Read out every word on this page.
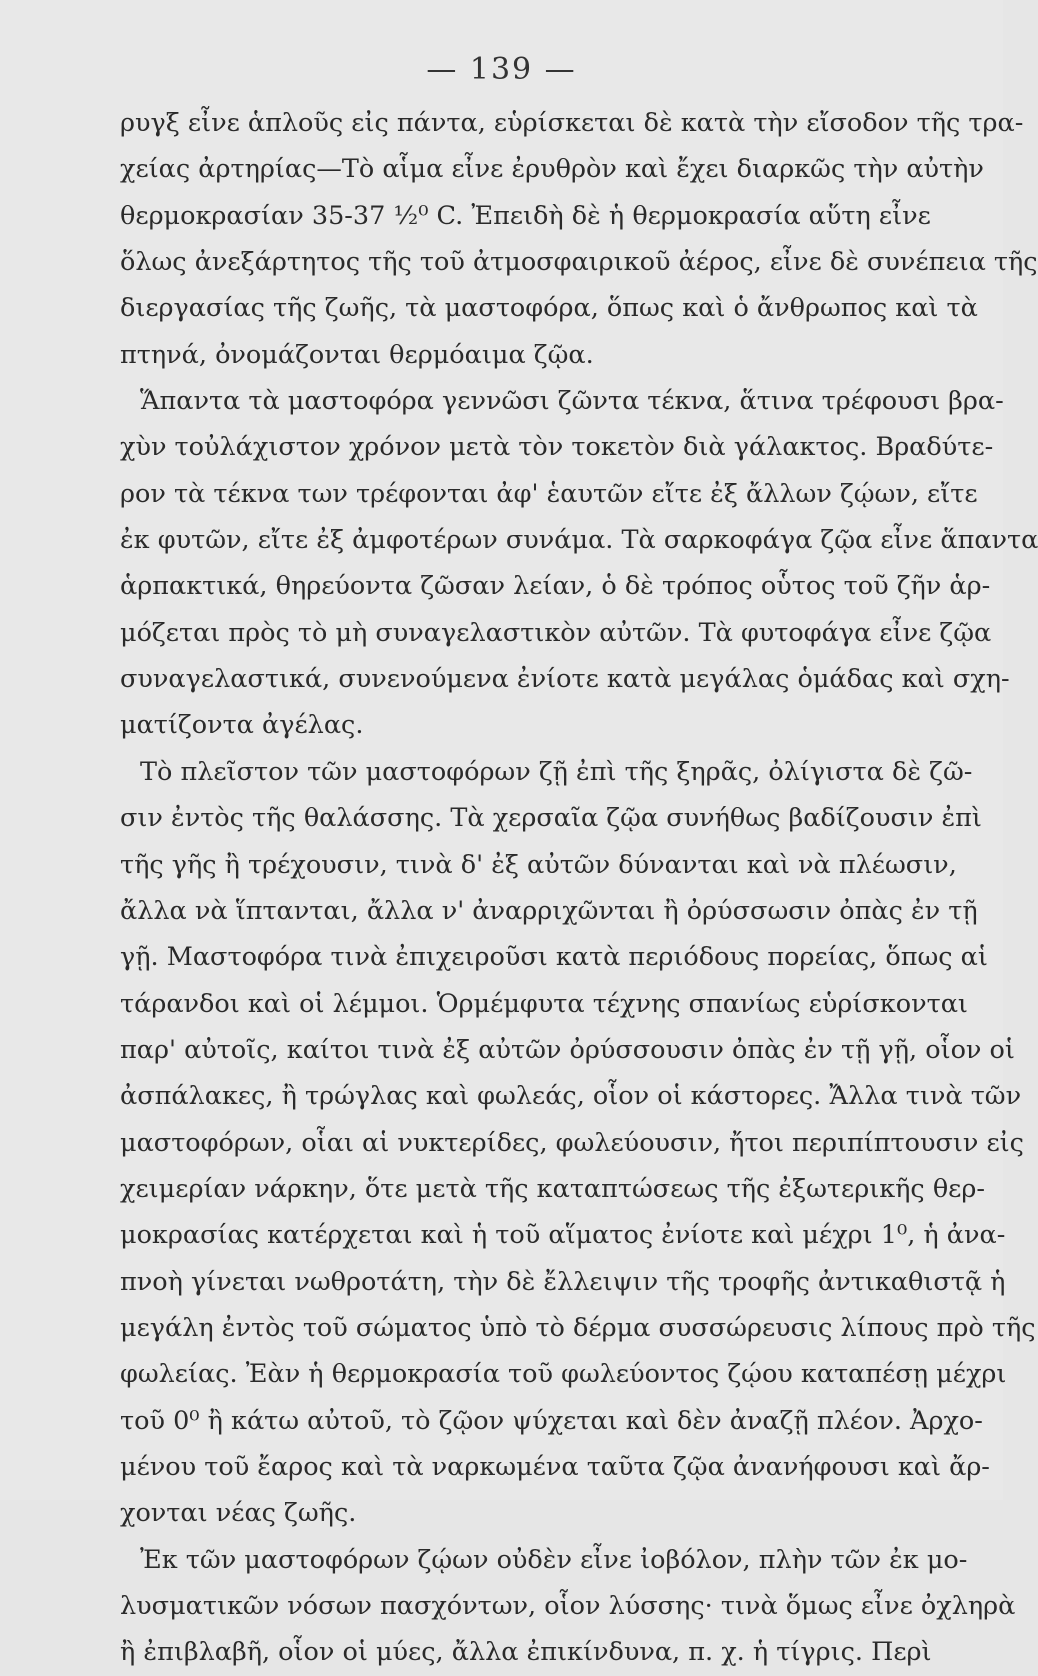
— 139 —
ρυγξ εἶνε ἁπλοῦς εἰς πάντα, εὑρίσκεται δὲ κατὰ τὴν εἴσοδον τῆς τρα-
χείας ἀρτηρίας—Τὸ αἷμα εἶνε ἐρυθρὸν καὶ ἔχει διαρκῶς τὴν αὐτὴν
θερμοκρασίαν 35-37 ½⁰ C. Ἐπειδὴ δὲ ἡ θερμοκρασία αὕτη εἶνε
ὅλως ἀνεξάρτητος τῆς τοῦ ἀτμοσφαιρικοῦ ἀέρος, εἶνε δὲ συνέπεια τῆς
διεργασίας τῆς ζωῆς, τὰ μαστοφόρα, ὅπως καὶ ὁ ἄνθρωπος καὶ τὰ
πτηνά, ὀνομάζονται θερμόαιμα ζῷα.
Ἅπαντα τὰ μαστοφόρα γεννῶσι ζῶντα τέκνα, ἅτινα τρέφουσι βρα-
χὺν τοὐλάχιστον χρόνον μετὰ τὸν τοκετὸν διὰ γάλακτος. Βραδύτε-
ρον τὰ τέκνα των τρέφονται ἀφ' ἑαυτῶν εἴτε ἐξ ἄλλων ζῴων, εἴτε
ἐκ φυτῶν, εἴτε ἐξ ἀμφοτέρων συνάμα. Τὰ σαρκοφάγα ζῷα εἶνε ἅπαντα
ἁρπακτικά, θηρεύοντα ζῶσαν λείαν, ὁ δὲ τρόπος οὗτος τοῦ ζῆν ἁρ-
μόζεται πρὸς τὸ μὴ συναγελαστικὸν αὐτῶν. Τὰ φυτοφάγα εἶνε ζῷα
συναγελαστικά, συνενούμενα ἐνίοτε κατὰ μεγάλας ὁμάδας καὶ σχη-
ματίζοντα ἀγέλας.
Τὸ πλεῖστον τῶν μαστοφόρων ζῇ ἐπὶ τῆς ξηρᾶς, ὀλίγιστα δὲ ζῶ-
σιν ἐντὸς τῆς θαλάσσης. Τὰ χερσαῖα ζῷα συνήθως βαδίζουσιν ἐπὶ
τῆς γῆς ἢ τρέχουσιν, τινὰ δ' ἐξ αὐτῶν δύνανται καὶ νὰ πλέωσιν,
ἄλλα νὰ ἵπτανται, ἄλλα ν' ἀναρριχῶνται ἢ ὀρύσσωσιν ὀπὰς ἐν τῇ
γῇ. Μαστοφόρα τινὰ ἐπιχειροῦσι κατὰ περιόδους πορείας, ὅπως αἱ
τάρανδοι καὶ οἱ λέμμοι. Ὁρμέμφυτα τέχνης σπανίως εὑρίσκονται
παρ' αὐτοῖς, καίτοι τινὰ ἐξ αὐτῶν ὀρύσσουσιν ὀπὰς ἐν τῇ γῇ, οἷον οἱ
ἀσπάλακες, ἢ τρώγλας καὶ φωλεάς, οἷον οἱ κάστορες. Ἄλλα τινὰ τῶν
μαστοφόρων, οἷαι αἱ νυκτερίδες, φωλεύουσιν, ἤτοι περιπίπτουσιν εἰς
χειμερίαν νάρκην, ὅτε μετὰ τῆς καταπτώσεως τῆς ἐξωτερικῆς θερ-
μοκρασίας κατέρχεται καὶ ἡ τοῦ αἵματος ἐνίοτε καὶ μέχρι 1⁰, ἡ ἀνα-
πνοὴ γίνεται νωθροτάτη, τὴν δὲ ἔλλειψιν τῆς τροφῆς ἀντικαθιστᾷ ἡ
μεγάλη ἐντὸς τοῦ σώματος ὑπὸ τὸ δέρμα συσσώρευσις λίπους πρὸ τῆς
φωλείας. Ἐὰν ἡ θερμοκρασία τοῦ φωλεύοντος ζῴου καταπέσῃ μέχρι
τοῦ 0⁰ ἢ κάτω αὐτοῦ, τὸ ζῷον ψύχεται καὶ δὲν ἀναζῇ πλέον. Ἀρχο-
μένου τοῦ ἔαρος καὶ τὰ ναρκωμένα ταῦτα ζῷα ἀνανήφουσι καὶ ἄρ-
χονται νέας ζωῆς.
Ἐκ τῶν μαστοφόρων ζῴων οὐδὲν εἶνε ἰοβόλον, πλὴν τῶν ἐκ μο-
λυσματικῶν νόσων πασχόντων, οἷον λύσσης· τινὰ ὅμως εἶνε ὀχληρὰ
ἢ ἐπιβλαβῆ, οἷον οἱ μύες, ἄλλα ἐπικίνδυνα, π. χ. ἡ τίγρις. Περὶ
